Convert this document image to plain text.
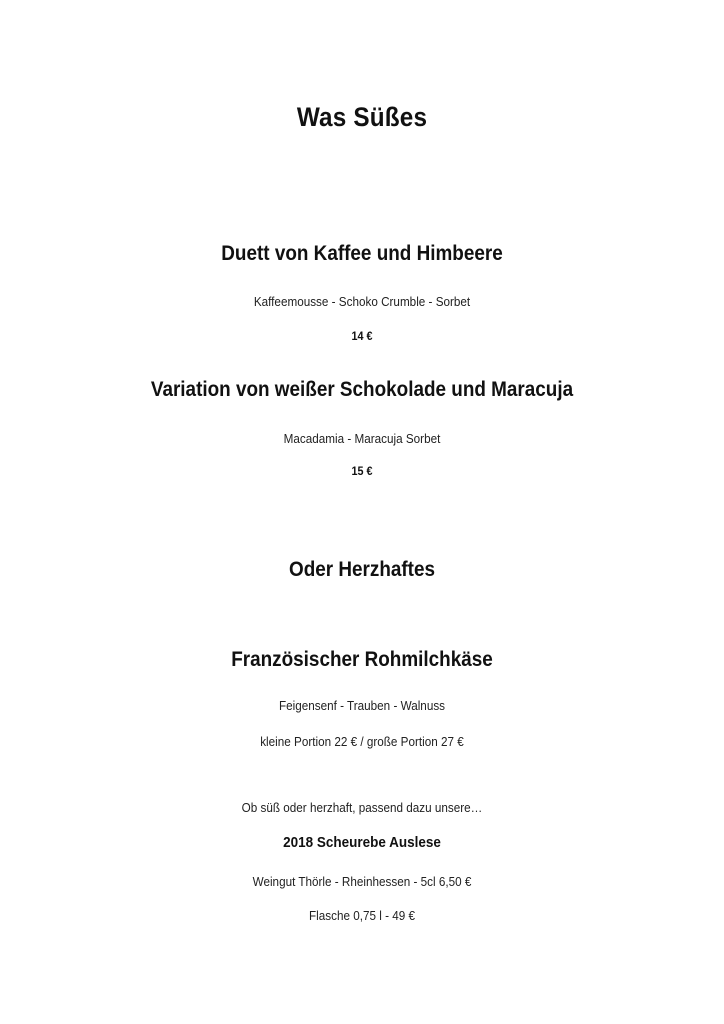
Was Süßes
Duett von Kaffee und Himbeere
Kaffeemousse - Schoko Crumble - Sorbet
14 €
Variation von weißer Schokolade und Maracuja
Macadamia - Maracuja Sorbet
15 €
Oder Herzhaftes
Französischer Rohmilchkäse
Feigensenf - Trauben - Walnuss
kleine Portion 22 € / große Portion 27 €
Ob süß oder herzhaft, passend dazu unsere…
2018 Scheurebe Auslese
Weingut Thörle - Rheinhessen - 5cl 6,50 €
Flasche 0,75 l - 49 €
